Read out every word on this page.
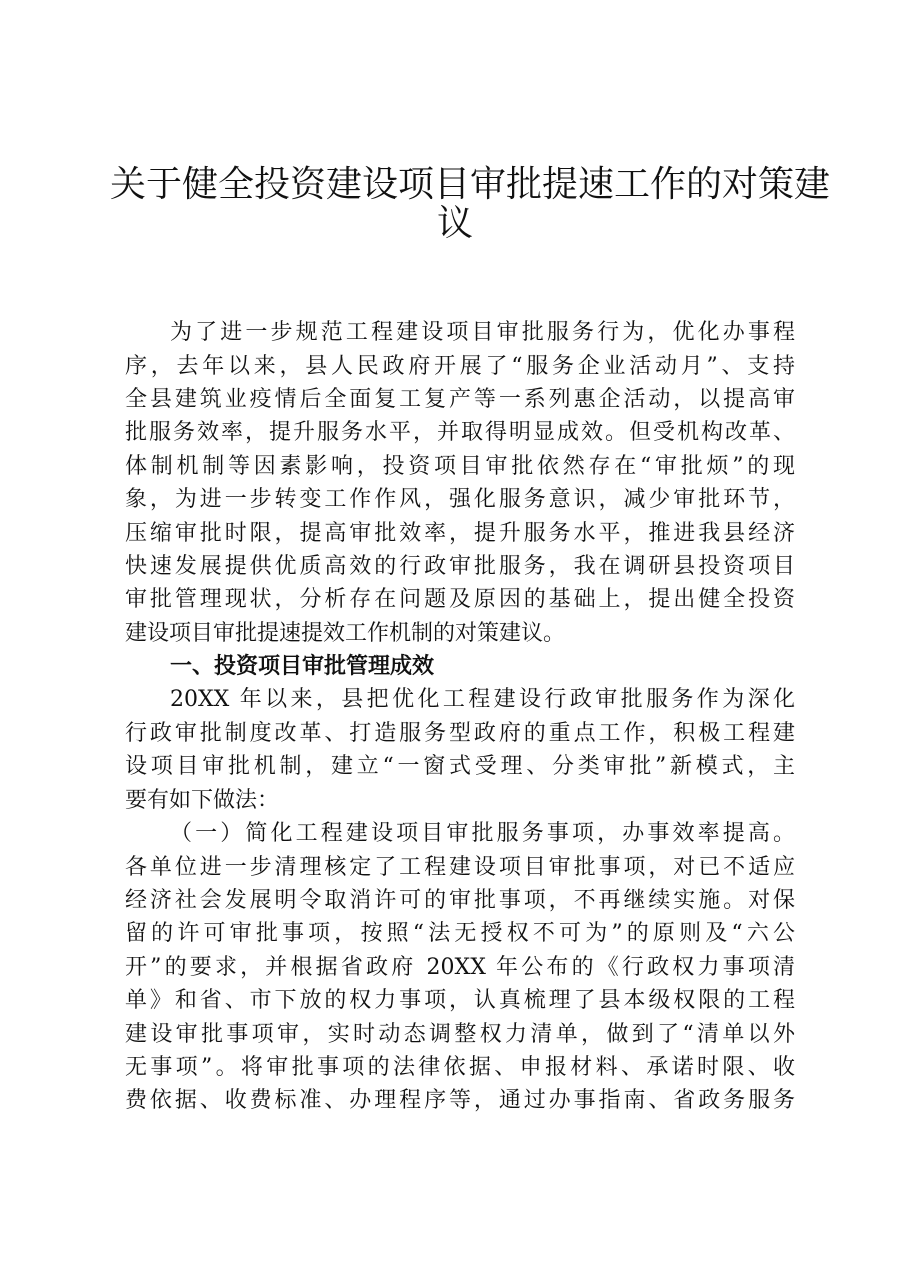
关于健全投资建设项目审批提速工作的对策建
议
为了进一步规范工程建设项目审批服务行为，优化办事程
序，去年以来，县人民政府开展了“服务企业活动月”、支持
全县建筑业疫情后全面复工复产等一系列惠企活动，以提高审
批服务效率，提升服务水平，并取得明显成效。但受机构改革、
体制机制等因素影响，投资项目审批依然存在“审批烦”的现
象，为进一步转变工作作风，强化服务意识，减少审批环节，
压缩审批时限，提高审批效率，提升服务水平，推进我县经济
快速发展提供优质高效的行政审批服务，我在调研县投资项目
审批管理现状，分析存在问题及原因的基础上，提出健全投资
建设项目审批提速提效工作机制的对策建议。
一、投资项目审批管理成效
20XX 年以来，县把优化工程建设行政审批服务作为深化
行政审批制度改革、打造服务型政府的重点工作，积极工程建
设项目审批机制，建立“一窗式受理、分类审批”新模式，主
要有如下做法：
（一）简化工程建设项目审批服务事项，办事效率提高。
各单位进一步清理核定了工程建设项目审批事项，对已不适应
经济社会发展明令取消许可的审批事项，不再继续实施。对保
留的许可审批事项，按照“法无授权不可为”的原则及“六公
开”的要求，并根据省政府 20XX 年公布的《行政权力事项清
单》和省、市下放的权力事项，认真梳理了县本级权限的工程
建设审批事项审，实时动态调整权力清单，做到了“清单以外
无事项”。将审批事项的法律依据、申报材料、承诺时限、收
费依据、收费标准、办理程序等，通过办事指南、省政务服务
